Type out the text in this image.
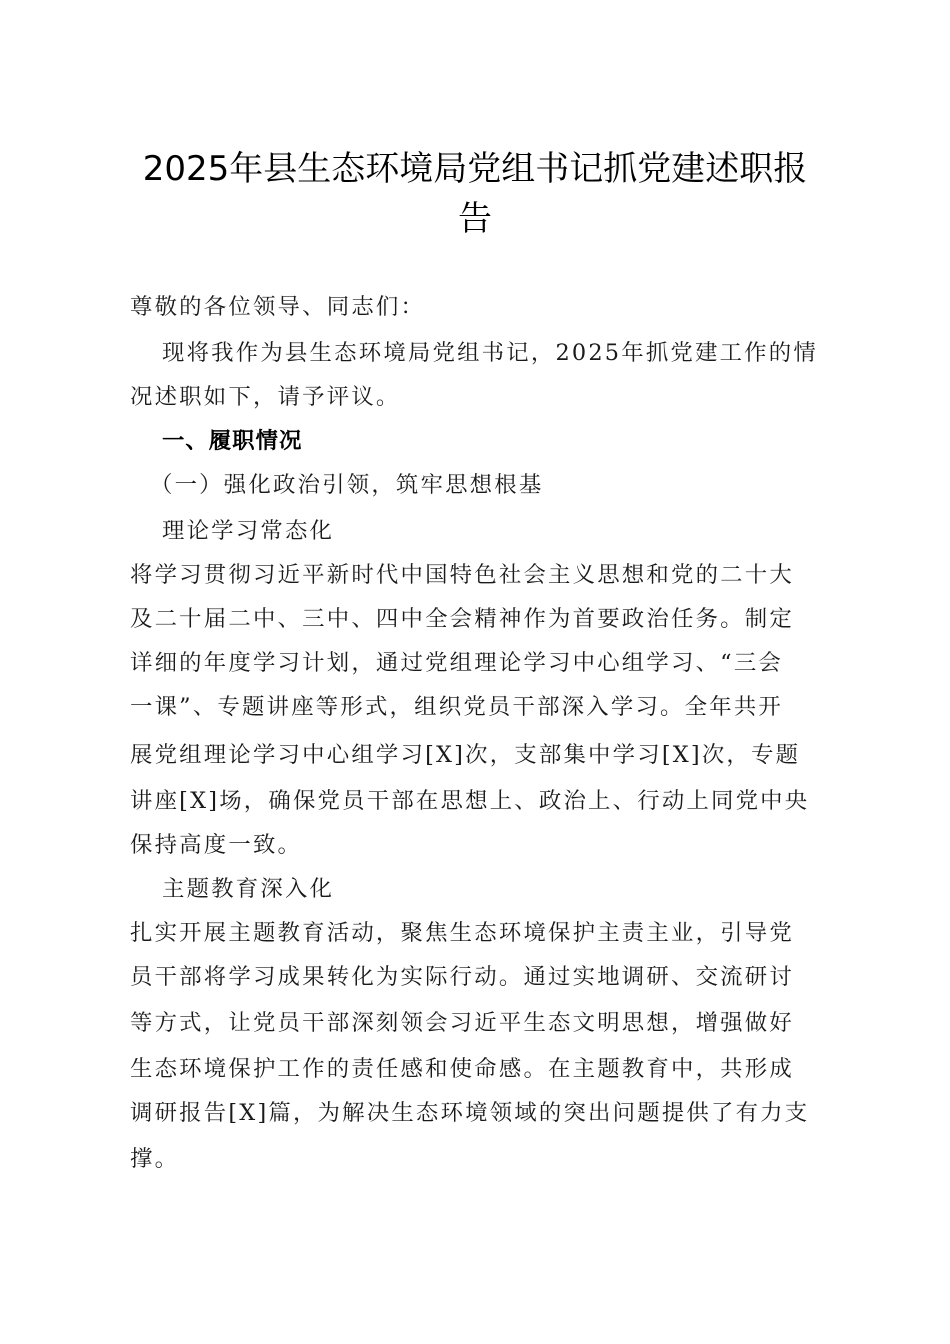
2025年县生态环境局党组书记抓党建述职报
告
尊敬的各位领导、同志们：
现将我作为县生态环境局党组书记，2025年抓党建工作的情
况述职如下，请予评议。
一、履职情况
（一）强化政治引领，筑牢思想根基
理论学习常态化
将学习贯彻习近平新时代中国特色社会主义思想和党的二十大
及二十届二中、三中、四中全会精神作为首要政治任务。制定
详细的年度学习计划，通过党组理论学习中心组学习、“三会
一课”、专题讲座等形式，组织党员干部深入学习。全年共开
展党组理论学习中心组学习[X]次，支部集中学习[X]次，专题
讲座[X]场，确保党员干部在思想上、政治上、行动上同党中央
保持高度一致。
主题教育深入化
扎实开展主题教育活动，聚焦生态环境保护主责主业，引导党
员干部将学习成果转化为实际行动。通过实地调研、交流研讨
等方式，让党员干部深刻领会习近平生态文明思想，增强做好
生态环境保护工作的责任感和使命感。在主题教育中，共形成
调研报告[X]篇，为解决生态环境领域的突出问题提供了有力支
撑。
